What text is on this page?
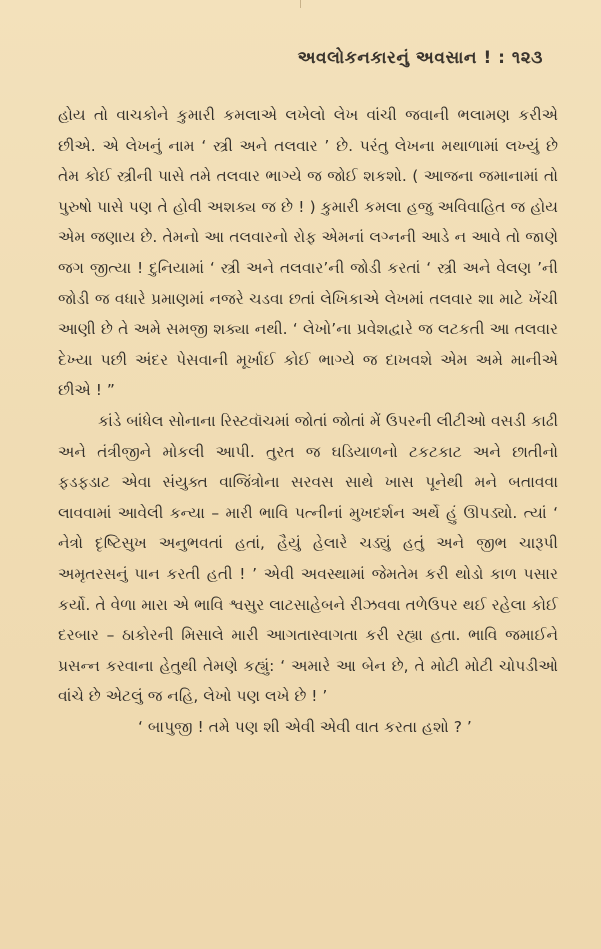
અવલોકનકારનું અવસાન ! : ૧૨૩

હોય તો વાચકોને કુમારી કમલાએ લખેલો લેખ વાંચી જવાની ભલામણ કરીએ છીએ. એ લેખનું નામ ‘ સ્ત્રી અને તલવાર ’ છે. પરંતુ લેખના મથાળામાં લખ્યું છે તેમ કોઈ સ્ત્રીની પાસે તમે તલવાર ભાગ્યે જ જોઈ શકશો. ( આજના જમાનામાં તો પુરુષો પાસે પણ તે હોવી અશક્ય જ છે ! ) કુમારી કમલા હજુ અવિવાહિત જ હોય એમ જણાય છે. તેમનો આ તલવારનો રોફ એમનાં લગ્નની આડે ન આવે તો જાણે જગ જીત્યા ! દુનિયામાં ‘ સ્ત્રી અને તલવાર’ની જોડી કરતાં ‘ સ્ત્રી અને વેલણ ’ની જોડી જ વધારે પ્રમાણમાં નજરે ચડવા છતાં લેખિકાએ લેખમાં તલવાર શા માટે ખેંચી આણી છે તે અમે સમજી શક્યા નથી. ‘ લેખો’ના પ્રવેશદ્વારે જ લટકતી આ તલવાર દેખ્યા પછી અંદર પેસવાની મૂર્ખાઈ કોઈ ભાગ્યે જ દાખવશે એમ અમે માનીએ છીએ ! ”

કાંડે બાંધેલ સોનાના રિસ્ટવૉચમાં જોતાં જોતાં મેં ઉપરની લીટીઓ વસડી કાઢી અને તંત્રીજીને મોકલી આપી. તુરત જ ઘડિયાળનો ટકટકાટ અને છાતીનો ફડફડાટ એવા સંયુક્ત વાજિંત્રોના સરવસ સાથે ખાસ પૂનેથી મને બતાવવા લાવવામાં આવેલી કન્યા – મારી ભાવિ પત્નીનાં મુખદર્શન અર્થે હું ઊપડ્યો. ત્યાં ‘ નેત્રો દૃષ્ટિસુખ અનુભવતાં હતાં, હૈયું હેલારે ચડ્યું હતું અને જીભ ચારૂપી અમૃતરસનું પાન કરતી હતી ! ’ એવી અવસ્થામાં જેમતેમ કરી થોડો કાળ પસાર કર્યો. તે વેળા મારા એ ભાવિ શ્વસુર લાટસાહેબને રીઝવવા તળેઉપર થઈ રહેલા કોઈ દરબાર – ઠાકોરની મિસાલે મારી આગતાસ્વાગતા કરી રહ્યા હતા. ભાવિ જમાઈને પ્રસન્ન કરવાના હેતુથી તેમણે કહ્યું: ‘ અમારે આ બેન છે, તે મોટી મોટી ચોપડીઓ વાંચે છે એટલું જ નહિ, લેખો પણ લખે છે ! ’

‘ બાપુજી ! તમે પણ શી એવી એવી વાત કરતા હશો ? ’
